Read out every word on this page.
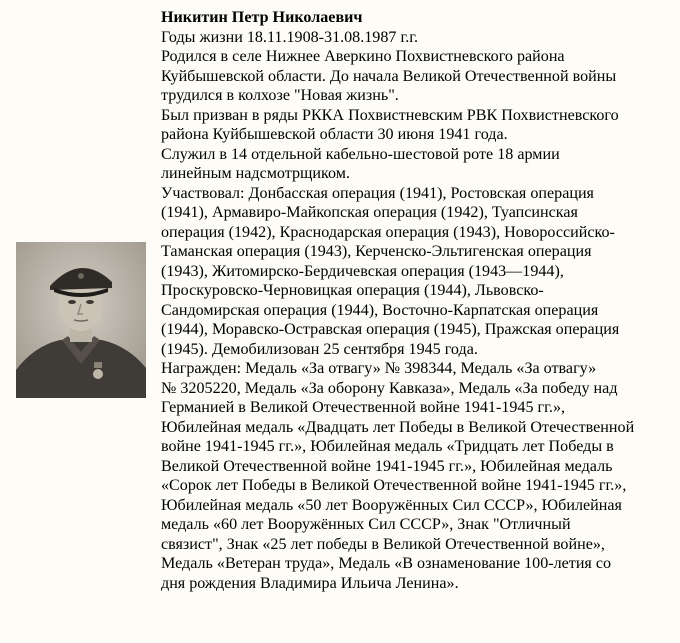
Никитин Петр Николаевич
Годы жизни 18.11.1908-31.08.1987 г.г.
Родился в селе Нижнее Аверкино Похвистневского района
Куйбышевской области. До начала Великой Отечественной войны
трудился в колхозе "Новая жизнь".
Был призван в ряды РККА Похвистневским РВК Похвистневского
района Куйбышевской области 30 июня 1941 года.
Служил в 14 отдельной кабельно-шестовой роте 18 армии
линейным надсмотрщиком.
Участвовал: Донбасская операция (1941), Ростовская операция
(1941), Армавиро-Майкопская операция (1942), Туапсинская
операция (1942), Краснодарская операция (1943), Новороссийско-
Таманская операция (1943), Керченско-Эльтигенская операция
(1943), Житомирско-Бердичевская операция (1943—1944),
Проскуровско-Черновицкая операция (1944), Львовско-
Сандомирская операция (1944), Восточно-Карпатская операция
(1944), Моравско-Остравская операция (1945), Пражская операция
(1945). Демобилизован 25 сентября 1945 года.
Награжден: Медаль «За отвагу» № 398344, Медаль «За отвагу»
№ 3205220, Медаль «За оборону Кавказа», Медаль «За победу над
Германией в Великой Отечественной войне 1941-1945 гг.»,
Юбилейная медаль «Двадцать лет Победы в Великой Отечественной
войне 1941-1945 гг.», Юбилейная медаль «Тридцать лет Победы в
Великой Отечественной войне 1941-1945 гг.», Юбилейная медаль
«Сорок лет Победы в Великой Отечественной войне 1941-1945 гг.»,
Юбилейная медаль «50 лет Вооружённых Сил СССР», Юбилейная
медаль «60 лет Вооружённых Сил СССР», Знак "Отличный
связист", Знак «25 лет победы в Великой Отечественной войне»,
Медаль «Ветеран труда», Медаль «В ознаменование 100-летия со
дня рождения Владимира Ильича Ленина».
